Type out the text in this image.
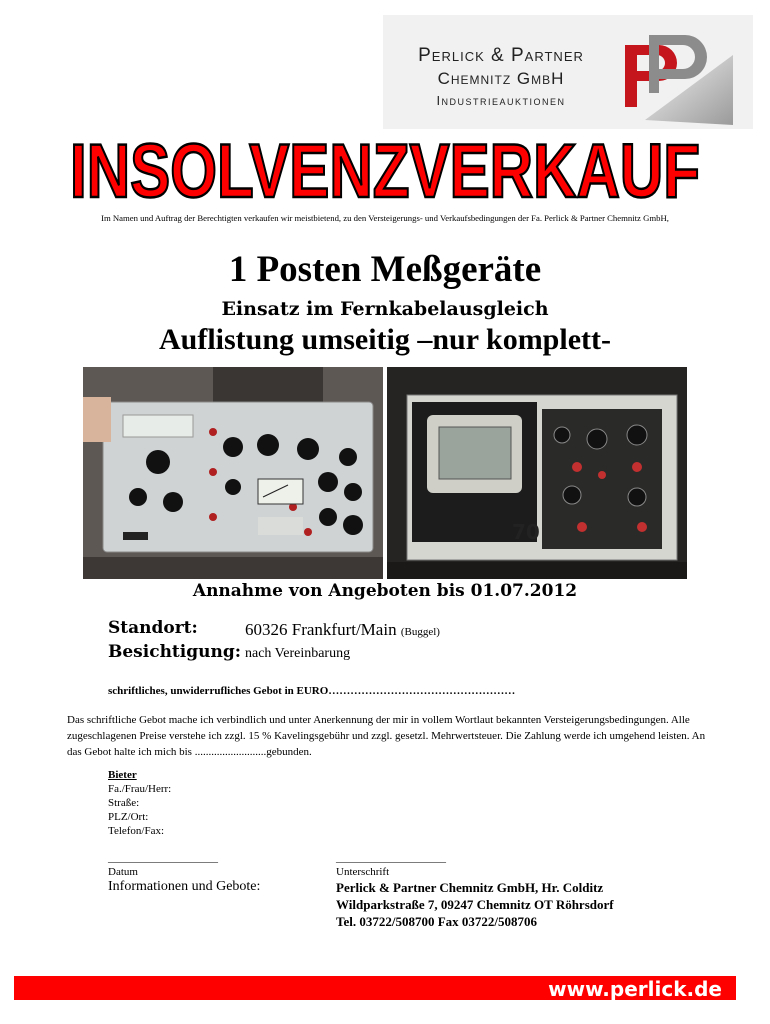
Perlick & Partner
Chemnitz GmbH
Industrieauktionen
INSOLVENZVERKAUF
Im Namen und Auftrag der Berechtigten verkaufen wir meistbietend, zu den Versteigerungs- und Verkaufsbedingungen der Fa. Perlick & Partner Chemnitz GmbH,
1 Posten Meßgeräte
Einsatz im Fernkabelausgleich
Auflistung umseitig –nur komplett-
70
Annahme von Angeboten bis 01.07.2012
Standort:	60326 Frankfurt/Main (Buggel)
Besichtigung: nach Vereinbarung
schriftliches, unwiderrufliches Gebot in EURO……………………………………………
Das schriftliche Gebot mache ich verbindlich und unter Anerkennung der mir in vollem Wortlaut bekannten Versteigerungsbedingungen. Alle zugeschlagenen Preise verstehe ich zzgl. 15 % Kavelingsgebühr und zzgl. gesetzl. Mehrwertsteuer. Die Zahlung werde ich umgehend leisten. An das Gebot halte ich mich bis ..........................gebunden.
Bieter
Fa./Frau/Herr:
Straße:
PLZ/Ort:
Telefon/Fax:
____________________	____________________
Datum	Unterschrift
Informationen und Gebote:	Perlick & Partner Chemnitz GmbH, Hr. Colditz
Wildparkstraße 7, 09247 Chemnitz OT Röhrsdorf
Tel. 03722/508700 Fax 03722/508706
www.perlick.de
